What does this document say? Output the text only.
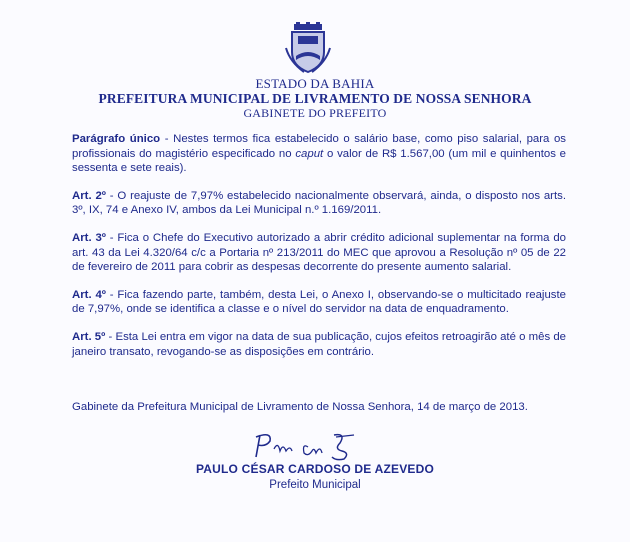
ESTADO DA BAHIA
PREFEITURA MUNICIPAL DE LIVRAMENTO DE NOSSA SENHORA
GABINETE DO PREFEITO

Parágrafo único - Nestes termos fica estabelecido o salário base, como piso salarial, para os profissionais do magistério especificado no caput o valor de R$ 1.567,00 (um mil e quinhentos e sessenta e sete reais).

Art. 2º - O reajuste de 7,97% estabelecido nacionalmente observará, ainda, o disposto nos arts. 3º, IX, 74 e Anexo IV, ambos da Lei Municipal n.º 1.169/2011.

Art. 3º - Fica o Chefe do Executivo autorizado a abrir crédito adicional suplementar na forma do art. 43 da Lei 4.320/64 c/c a Portaria nº 213/2011 do MEC que aprovou a Resolução nº 05 de 22 de fevereiro de 2011 para cobrir as despesas decorrente do presente aumento salarial.

Art. 4º - Fica fazendo parte, também, desta Lei, o Anexo I, observando-se o multicitado reajuste de 7,97%, onde se identifica a classe e o nível do servidor na data de enquadramento.

Art. 5º - Esta Lei entra em vigor na data de sua publicação, cujos efeitos retroagirão até o mês de janeiro transato, revogando-se as disposições em contrário.

Gabinete da Prefeitura Municipal de Livramento de Nossa Senhora, 14 de março de 2013.
PAULO CÉSAR CARDOSO DE AZEVEDO
Prefeito Municipal
